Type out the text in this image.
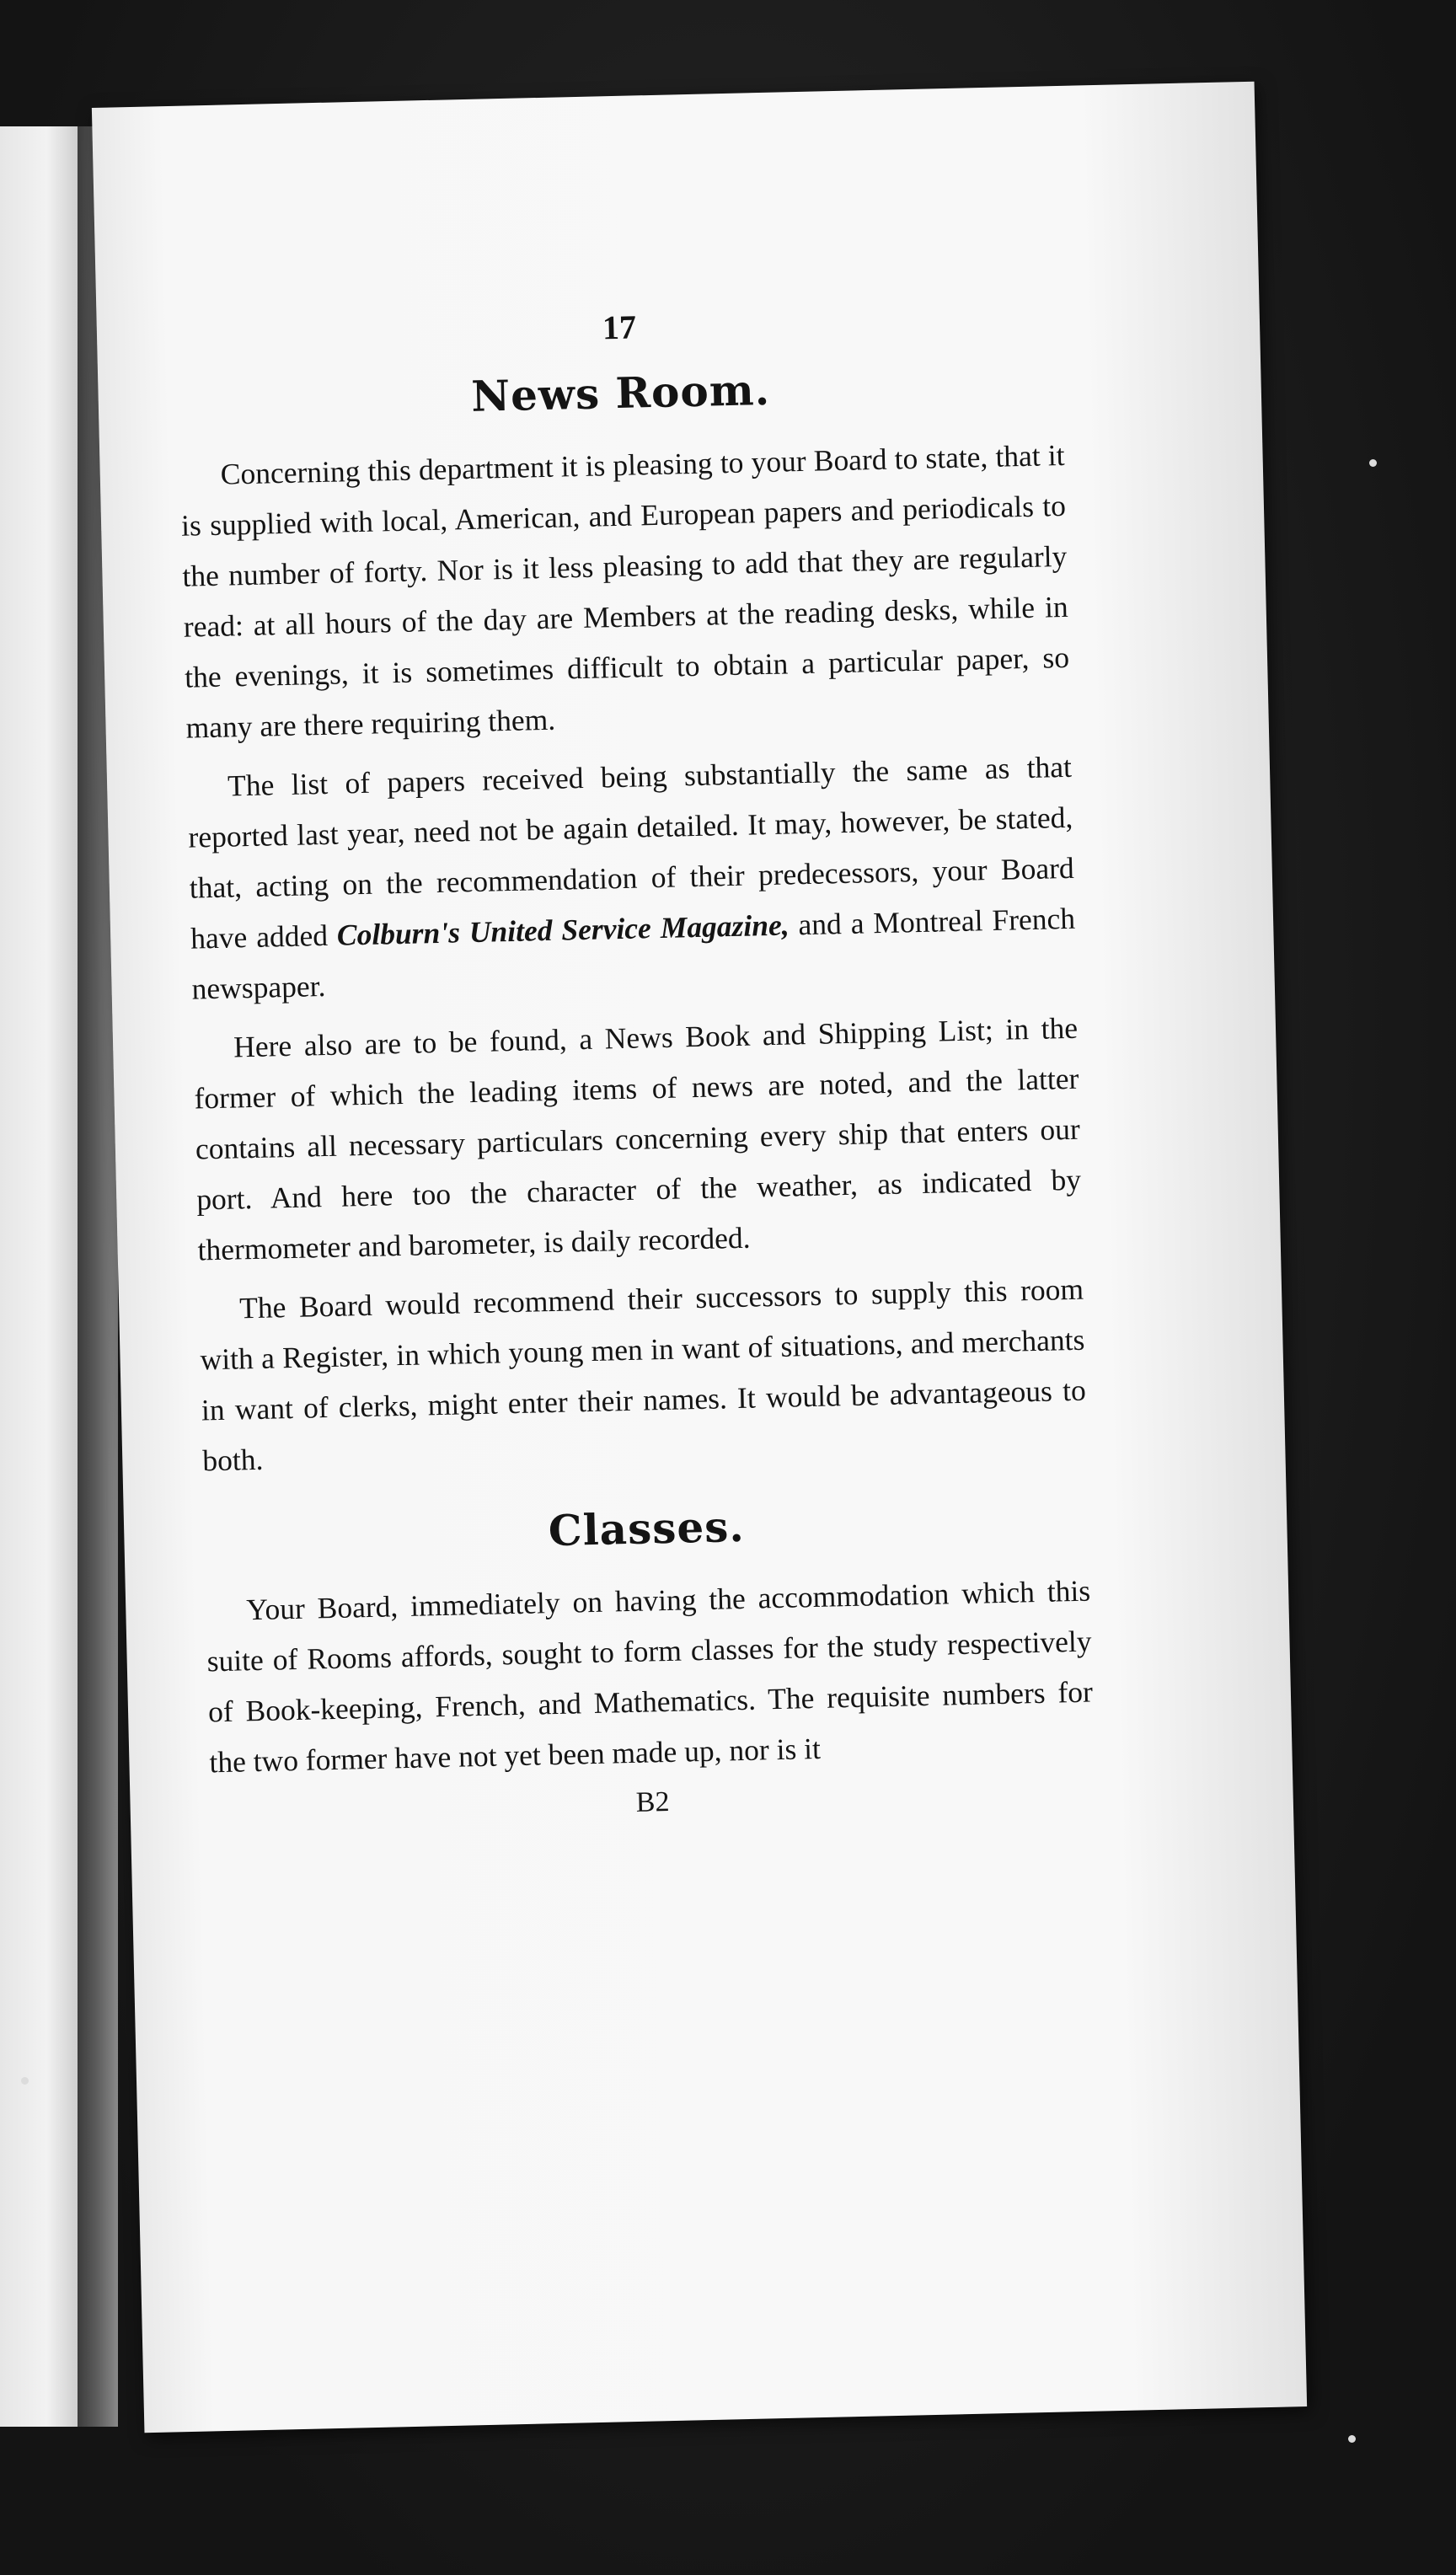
17
News Room.

Concerning this department it is pleasing to your Board to state, that it is supplied with local, American, and European papers and periodicals to the number of forty. Nor is it less pleasing to add that they are regularly read: at all hours of the day are Members at the reading desks, while in the evenings, it is sometimes difficult to obtain a particular paper, so many are there requiring them.

The list of papers received being substantially the same as that reported last year, need not be again detailed. It may, however, be stated, that, acting on the recommendation of their predecessors, your Board have added Colburn's United Service Magazine, and a Montreal French newspaper.

Here also are to be found, a News Book and Shipping List; in the former of which the leading items of news are noted, and the latter contains all necessary particulars concerning every ship that enters our port. And here too the character of the weather, as indicated by thermometer and barometer, is daily recorded.

The Board would recommend their successors to supply this room with a Register, in which young men in want of situations, and merchants in want of clerks, might enter their names. It would be advantageous to both.

Classes.

Your Board, immediately on having the accommodation which this suite of Rooms affords, sought to form classes for the study respectively of Book-keeping, French, and Mathematics. The requisite numbers for the two former have not yet been made up, nor is it

B2
